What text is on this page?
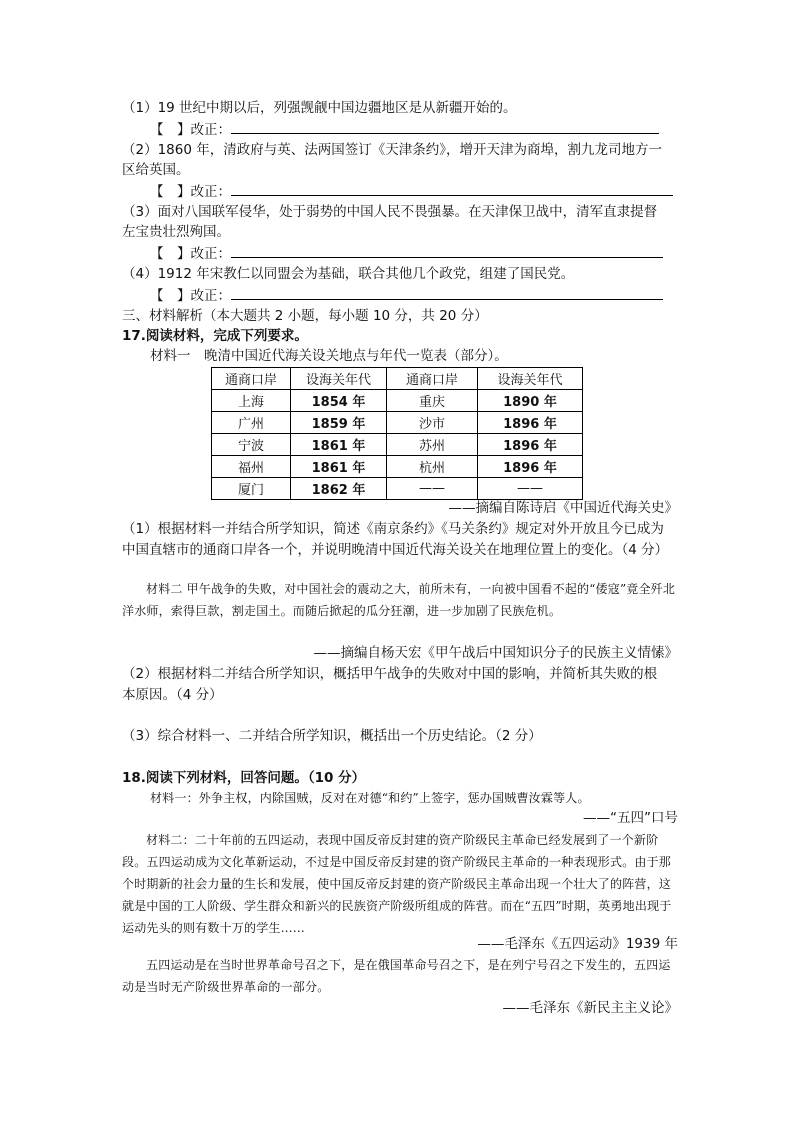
（1）19 世纪中期以后，列强觊觎中国边疆地区是从新疆开始的。
【　】改正：
（2）1860 年，清政府与英、法两国签订《天津条约》，增开天津为商埠，割九龙司地方一
区给英国。
【　】改正：
（3）面对八国联军侵华，处于弱势的中国人民不畏强暴。在天津保卫战中，清军直隶提督
左宝贵壮烈殉国。
【　】改正：
（4）1912 年宋教仁以同盟会为基础，联合其他几个政党，组建了国民党。
【　】改正：
三、材料解析（本大题共 2 小题，每小题 10 分，共 20 分）
17.阅读材料，完成下列要求。
材料一　晚清中国近代海关设关地点与年代一览表（部分）。
通商口岸	设海关年代	通商口岸	设海关年代
上海	1854 年	重庆	1890 年
广州	1859 年	沙市	1896 年
宁波	1861 年	苏州	1896 年
福州	1861 年	杭州	1896 年
厦门	1862 年	——	——
——摘编自陈诗启《中国近代海关史》
（1）根据材料一并结合所学知识，简述《南京条约》《马关条约》规定对外开放且今已成为
中国直辖市的通商口岸各一个，并说明晚清中国近代海关设关在地理位置上的变化。（4 分）
材料二 甲午战争的失败，对中国社会的震动之大，前所未有，一向被中国看不起的“倭寇”竟全歼北洋水师，索得巨款，割走国土。而随后掀起的瓜分狂潮，进一步加剧了民族危机。
——摘编自杨天宏《甲午战后中国知识分子的民族主义情愫》
（2）根据材料二并结合所学知识，概括甲午战争的失败对中国的影响，并简析其失败的根
本原因。（4 分）
（3）综合材料一、二并结合所学知识，概括出一个历史结论。（2 分）
18.阅读下列材料，回答问题。（10 分）
材料一：外争主权，内除国贼，反对在对德“和约”上签字，惩办国贼曹汝霖等人。
——“五四”口号
材料二：二十年前的五四运动，表现中国反帝反封建的资产阶级民主革命已经发展到了一个新阶段。五四运动成为文化革新运动，不过是中国反帝反封建的资产阶级民主革命的一种表现形式。由于那个时期新的社会力量的生长和发展，使中国反帝反封建的资产阶级民主革命出现一个壮大了的阵营，这就是中国的工人阶级、学生群众和新兴的民族资产阶级所组成的阵营。而在“五四”时期，英勇地出现于运动先头的则有数十万的学生……
——毛泽东《五四运动》1939 年
五四运动是在当时世界革命号召之下，是在俄国革命号召之下，是在列宁号召之下发生的，五四运动是当时无产阶级世界革命的一部分。
——毛泽东《新民主主义论》
